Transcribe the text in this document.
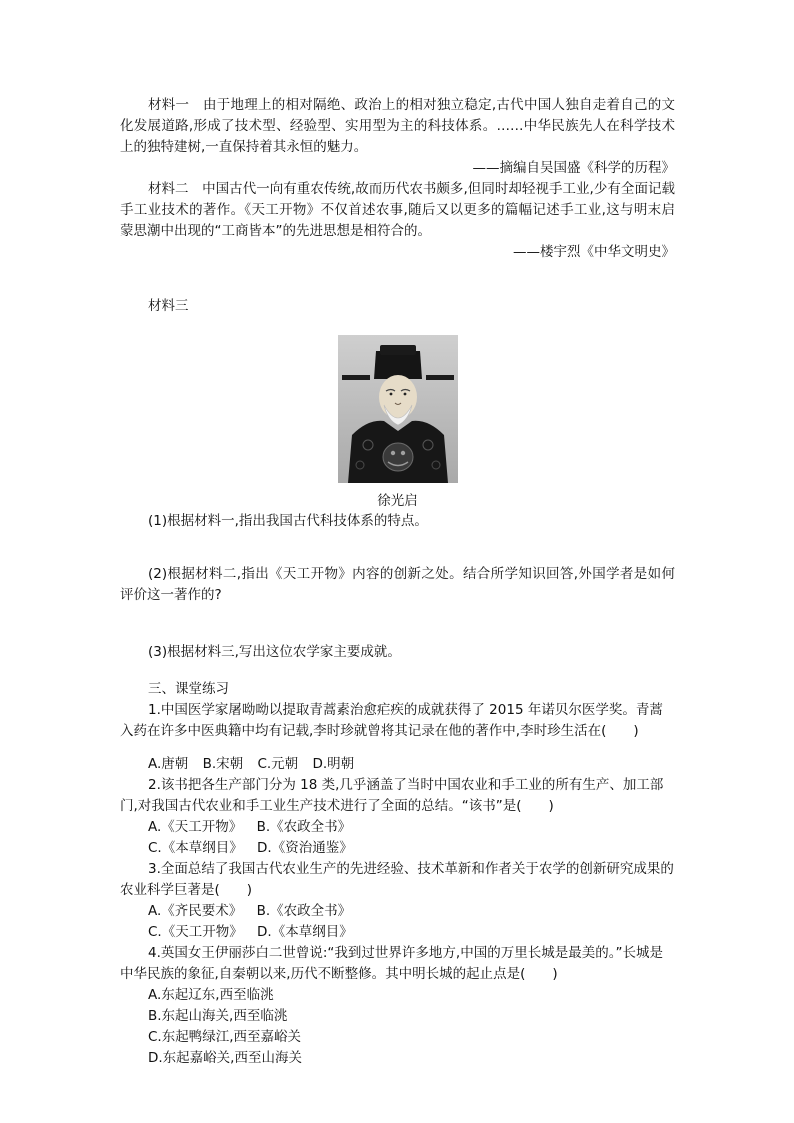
材料一　由于地理上的相对隔绝、政治上的相对独立稳定,古代中国人独自走着自己的文化发展道路,形成了技术型、经验型、实用型为主的科技体系。……中华民族先人在科学技术上的独特建树,一直保持着其永恒的魅力。

——摘编自吴国盛《科学的历程》

材料二　中国古代一向有重农传统,故而历代农书颇多,但同时却轻视手工业,少有全面记载手工业技术的著作。《天工开物》不仅首述农事,随后又以更多的篇幅记述手工业,这与明末启蒙思潮中出现的“工商皆本”的先进思想是相符合的。

——楼宇烈《中华文明史》

材料三

徐光启

(1)根据材料一,指出我国古代科技体系的特点。

(2)根据材料二,指出《天工开物》内容的创新之处。结合所学知识回答,外国学者是如何评价这一著作的?

(3)根据材料三,写出这位农学家主要成就。

三、课堂练习

1.中国医学家屠呦呦以提取青蒿素治愈疟疾的成就获得了 2015 年诺贝尔医学奖。青蒿入药在许多中医典籍中均有记载,李时珍就曾将其记录在他的著作中,李时珍生活在(　　)

A.唐朝 B.宋朝 C.元朝 D.明朝

2.该书把各生产部门分为 18 类,几乎涵盖了当时中国农业和手工业的所有生产、加工部门,对我国古代农业和手工业生产技术进行了全面的总结。“该书”是(　　)

A.《天工开物》 B.《农政全书》

C.《本草纲目》 D.《资治通鉴》

3.全面总结了我国古代农业生产的先进经验、技术革新和作者关于农学的创新研究成果的农业科学巨著是(　　)

A.《齐民要术》 B.《农政全书》

C.《天工开物》 D.《本草纲目》

4.英国女王伊丽莎白二世曾说:“我到过世界许多地方,中国的万里长城是最美的。”长城是中华民族的象征,自秦朝以来,历代不断整修。其中明长城的起止点是(　　)

A.东起辽东,西至临洮

B.东起山海关,西至临洮

C.东起鸭绿江,西至嘉峪关

D.东起嘉峪关,西至山海关
